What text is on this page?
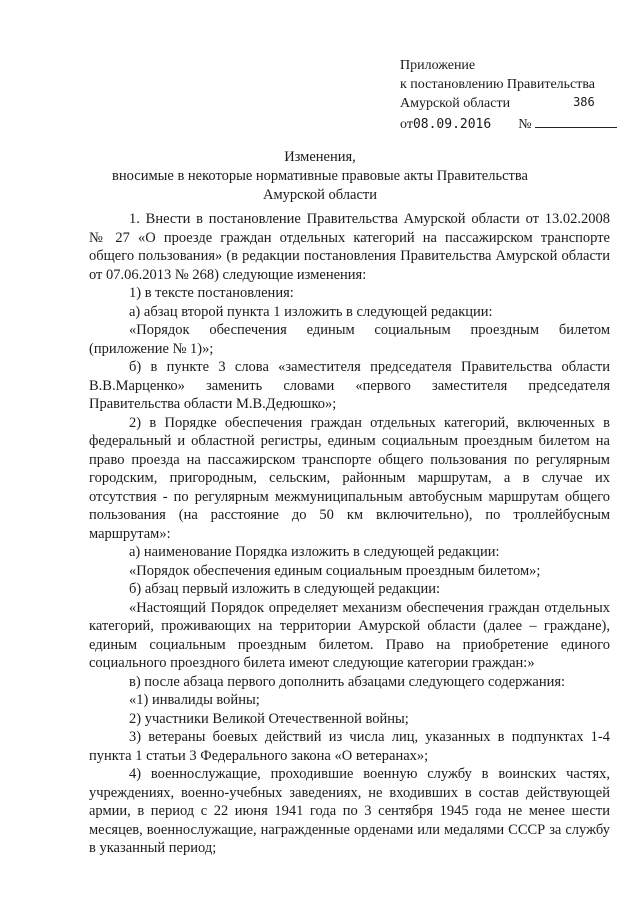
Приложение
к постановлению Правительства
Амурской области
от08.09.2016 №
386
Изменения,
вносимые в некоторые нормативные правовые акты Правительства
Амурской области

1. Внести в постановление Правительства Амурской области от 13.02.2008 № 27 «О проезде граждан отдельных категорий на пассажирском транспорте общего пользования» (в редакции постановления Правительства Амурской области от 07.06.2013 № 268) следующие изменения:

1) в тексте постановления:

а) абзац второй пункта 1 изложить в следующей редакции:

«Порядок обеспечения единым социальным проездным билетом (приложение № 1)»;

б) в пункте 3 слова «заместителя председателя Правительства области В.В.Марценко» заменить словами «первого заместителя председателя Правительства области М.В.Дедюшко»;

2) в Порядке обеспечения граждан отдельных категорий, включенных в федеральный и областной регистры, единым социальным проездным билетом на право проезда на пассажирском транспорте общего пользования по регулярным городским, пригородным, сельским, районным маршрутам, а в случае их отсутствия - по регулярным межмуниципальным автобусным маршрутам общего пользования (на расстояние до 50 км включительно), по троллейбусным маршрутам»:

а) наименование Порядка изложить в следующей редакции:

«Порядок обеспечения единым социальным проездным билетом»;

б) абзац первый изложить в следующей редакции:

«Настоящий Порядок определяет механизм обеспечения граждан отдельных категорий, проживающих на территории Амурской области (далее – граждане), единым социальным проездным билетом. Право на приобретение единого социального проездного билета имеют следующие категории граждан:»

в) после абзаца первого дополнить абзацами следующего содержания:

«1) инвалиды войны;

2) участники Великой Отечественной войны;

3) ветераны боевых действий из числа лиц, указанных в подпунктах 1-4 пункта 1 статьи 3 Федерального закона «О ветеранах»;

4) военнослужащие, проходившие военную службу в воинских частях, учреждениях, военно-учебных заведениях, не входивших в состав действующей армии, в период с 22 июня 1941 года по 3 сентября 1945 года не менее шести месяцев, военнослужащие, награжденные орденами или медалями СССР за службу в указанный период;
